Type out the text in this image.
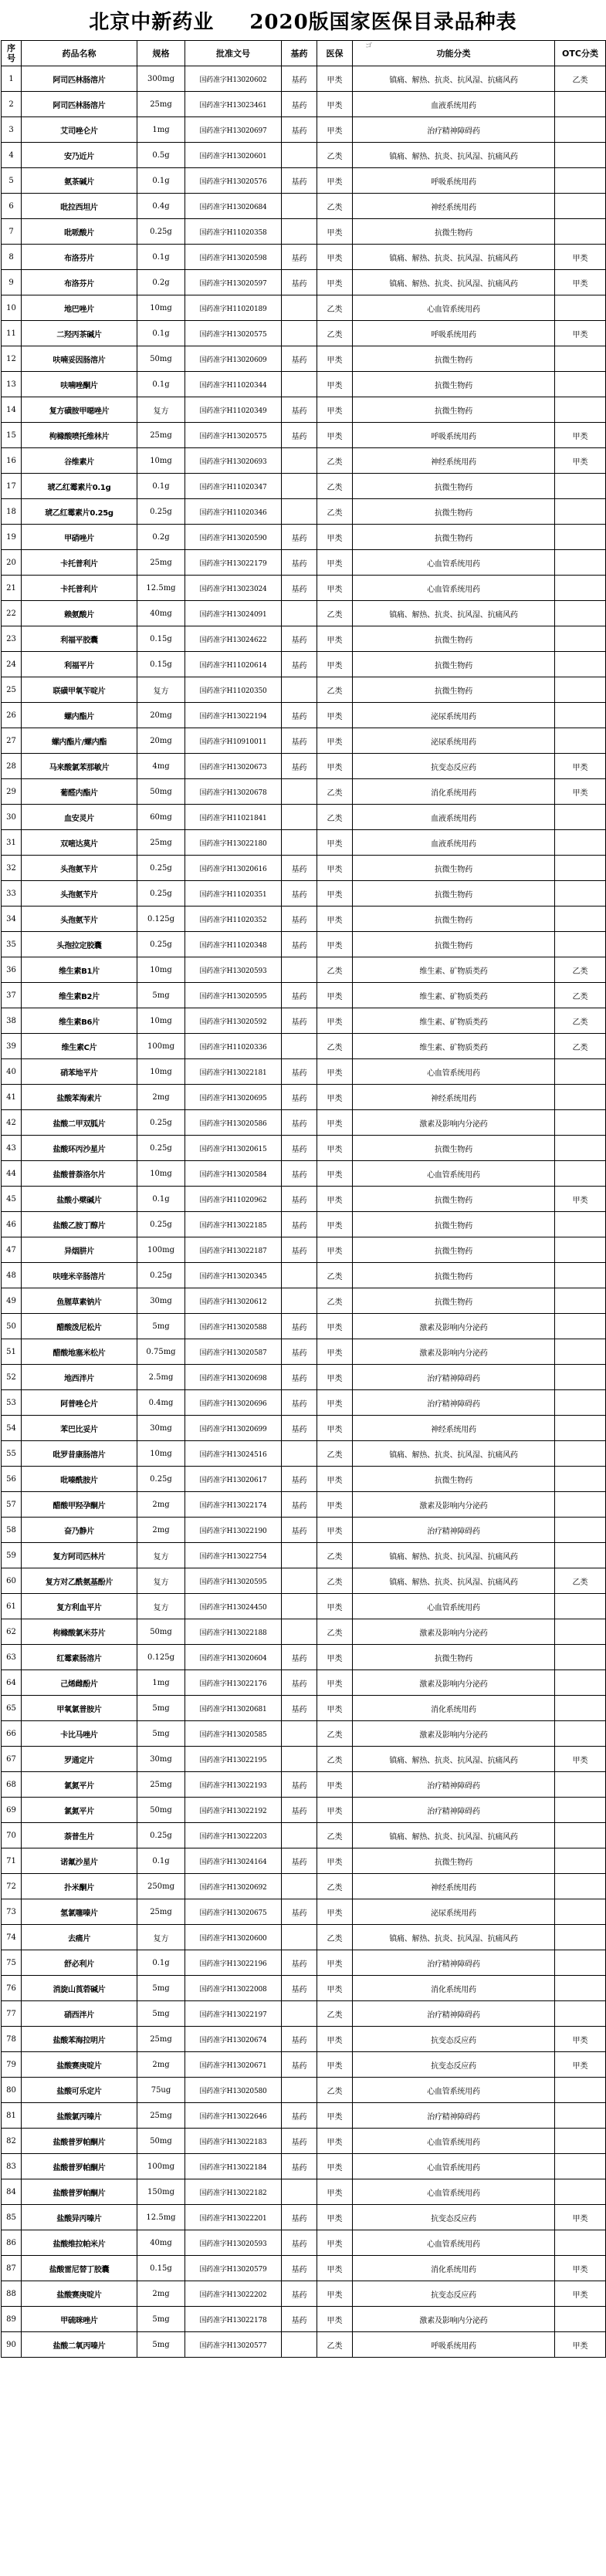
北京中新药业 2020版国家医保目录品种表
ゴ
序号	药品名称	规格	批准文号	基药	医保	功能分类	OTC分类
1	阿司匹林肠溶片	300mg	国药准字H13020602	基药	甲类	镇痛、解热、抗炎、抗风湿、抗痛风药	乙类
2	阿司匹林肠溶片	25mg	国药准字H13023461	基药	甲类	血液系统用药	
3	艾司唑仑片	1mg	国药准字H13020697	基药	甲类	治疗精神障碍药	
4	安乃近片	0.5g	国药准字H13020601		乙类	镇痛、解热、抗炎、抗风湿、抗痛风药	
5	氨茶碱片	0.1g	国药准字H13020576	基药	甲类	呼吸系统用药	
6	吡拉西坦片	0.4g	国药准字H13020684		乙类	神经系统用药	
7	吡哌酸片	0.25g	国药准字H11020358		甲类	抗微生物药	
8	布洛芬片	0.1g	国药准字H13020598	基药	甲类	镇痛、解热、抗炎、抗风湿、抗痛风药	甲类
9	布洛芬片	0.2g	国药准字H13020597	基药	甲类	镇痛、解热、抗炎、抗风湿、抗痛风药	甲类
10	地巴唑片	10mg	国药准字H11020189		乙类	心血管系统用药	
11	二羟丙茶碱片	0.1g	国药准字H13020575		乙类	呼吸系统用药	甲类
12	呋喃妥因肠溶片	50mg	国药准字H13020609	基药	甲类	抗微生物药	
13	呋喃唑酮片	0.1g	国药准字H11020344		甲类	抗微生物药	
14	复方磺胺甲噁唑片	复方	国药准字H11020349	基药	甲类	抗微生物药	
15	枸橼酸喷托维林片	25mg	国药准字H13020575	基药	甲类	呼吸系统用药	甲类
16	谷维素片	10mg	国药准字H13020693		乙类	神经系统用药	甲类
17	琥乙红霉素片0.1g	0.1g	国药准字H11020347		乙类	抗微生物药	
18	琥乙红霉素片0.25g	0.25g	国药准字H11020346		乙类	抗微生物药	
19	甲硝唑片	0.2g	国药准字H13020590	基药	甲类	抗微生物药	
20	卡托普利片	25mg	国药准字H13022179	基药	甲类	心血管系统用药	
21	卡托普利片	12.5mg	国药准字H13023024	基药	甲类	心血管系统用药	
22	赖氨酸片	40mg	国药准字H13024091		乙类	镇痛、解热、抗炎、抗风湿、抗痛风药	
23	利福平胶囊	0.15g	国药准字H13024622	基药	甲类	抗微生物药	
24	利福平片	0.15g	国药准字H11020614	基药	甲类	抗微生物药	
25	联磺甲氧苄啶片	复方	国药准字H11020350		乙类	抗微生物药	
26	螺内酯片	20mg	国药准字H13022194	基药	甲类	泌尿系统用药	
27	螺内酯片/螺内酯	20mg	国药准字H10910011	基药	甲类	泌尿系统用药	
28	马来酸氯苯那敏片	4mg	国药准字H13020673	基药	甲类	抗变态反应药	甲类
29	葡醛内酯片	50mg	国药准字H13020678		乙类	消化系统用药	甲类
30	血安灵片	60mg	国药准字H11021841		乙类	血液系统用药	
31	双嘧达莫片	25mg	国药准字H13022180		甲类	血液系统用药	
32	头孢氨苄片	0.25g	国药准字H13020616	基药	甲类	抗微生物药	
33	头孢氨苄片	0.25g	国药准字H11020351	基药	甲类	抗微生物药	
34	头孢氨苄片	0.125g	国药准字H11020352	基药	甲类	抗微生物药	
35	头孢拉定胶囊	0.25g	国药准字H11020348	基药	甲类	抗微生物药	
36	维生素B1片	10mg	国药准字H13020593		乙类	维生素、矿物质类药	乙类
37	维生素B2片	5mg	国药准字H13020595	基药	甲类	维生素、矿物质类药	乙类
38	维生素B6片	10mg	国药准字H13020592	基药	甲类	维生素、矿物质类药	乙类
39	维生素C片	100mg	国药准字H11020336		乙类	维生素、矿物质类药	乙类
40	硝苯地平片	10mg	国药准字H13022181	基药	甲类	心血管系统用药	
41	盐酸苯海索片	2mg	国药准字H13020695	基药	甲类	神经系统用药	
42	盐酸二甲双胍片	0.25g	国药准字H13020586	基药	甲类	激素及影响内分泌药	
43	盐酸环丙沙星片	0.25g	国药准字H13020615	基药	甲类	抗微生物药	
44	盐酸普萘洛尔片	10mg	国药准字H13020584	基药	甲类	心血管系统用药	
45	盐酸小檗碱片	0.1g	国药准字H11020962	基药	甲类	抗微生物药	甲类
46	盐酸乙胺丁醇片	0.25g	国药准字H13022185	基药	甲类	抗微生物药	
47	异烟肼片	100mg	国药准字H13022187	基药	甲类	抗微生物药	
48	呋喹米辛肠溶片	0.25g	国药准字H13020345		乙类	抗微生物药	
49	鱼腥草素钠片	30mg	国药准字H13020612		乙类	抗微生物药	
50	醋酸泼尼松片	5mg	国药准字H13020588	基药	甲类	激素及影响内分泌药	
51	醋酸地塞米松片	0.75mg	国药准字H13020587	基药	甲类	激素及影响内分泌药	
52	地西泮片	2.5mg	国药准字H13020698	基药	甲类	治疗精神障碍药	
53	阿普唑仑片	0.4mg	国药准字H13020696	基药	甲类	治疗精神障碍药	
54	苯巴比妥片	30mg	国药准字H13020699	基药	甲类	神经系统用药	
55	吡罗昔康肠溶片	10mg	国药准字H13024516		乙类	镇痛、解热、抗炎、抗风湿、抗痛风药	
56	吡嗪酰胺片	0.25g	国药准字H13020617	基药	甲类	抗微生物药	
57	醋酸甲羟孕酮片	2mg	国药准字H13022174	基药	甲类	激素及影响内分泌药	
58	奋乃静片	2mg	国药准字H13022190	基药	甲类	治疗精神障碍药	
59	复方阿司匹林片	复方	国药准字H13022754		乙类	镇痛、解热、抗炎、抗风湿、抗痛风药	
60	复方对乙酰氨基酚片	复方	国药准字H13020595		乙类	镇痛、解热、抗炎、抗风湿、抗痛风药	乙类
61	复方利血平片	复方	国药准字H13024450		甲类	心血管系统用药	
62	枸橼酸氯米芬片	50mg	国药准字H13022188		乙类	激素及影响内分泌药	
63	红霉素肠溶片	0.125g	国药准字H13020604	基药	甲类	抗微生物药	
64	己烯雌酚片	1mg	国药准字H13022176	基药	甲类	激素及影响内分泌药	
65	甲氧氯普胺片	5mg	国药准字H13020681	基药	甲类	消化系统用药	
66	卡比马唑片	5mg	国药准字H13020585		乙类	激素及影响内分泌药	
67	罗通定片	30mg	国药准字H13022195		乙类	镇痛、解热、抗炎、抗风湿、抗痛风药	甲类
68	氯氮平片	25mg	国药准字H13022193	基药	甲类	治疗精神障碍药	
69	氯氮平片	50mg	国药准字H13022192	基药	甲类	治疗精神障碍药	
70	萘普生片	0.25g	国药准字H13022203		乙类	镇痛、解热、抗炎、抗风湿、抗痛风药	
71	诺氟沙星片	0.1g	国药准字H13024164	基药	甲类	抗微生物药	
72	扑米酮片	250mg	国药准字H13020692		乙类	神经系统用药	
73	氢氯噻嗪片	25mg	国药准字H13020675	基药	甲类	泌尿系统用药	
74	去痛片	复方	国药准字H13020600		乙类	镇痛、解热、抗炎、抗风湿、抗痛风药	
75	舒必利片	0.1g	国药准字H13022196	基药	甲类	治疗精神障碍药	
76	消旋山莨菪碱片	5mg	国药准字H13022008	基药	甲类	消化系统用药	
77	硝西泮片	5mg	国药准字H13022197		乙类	治疗精神障碍药	
78	盐酸苯海拉明片	25mg	国药准字H13020674	基药	甲类	抗变态反应药	甲类
79	盐酸赛庚啶片	2mg	国药准字H13020671	基药	甲类	抗变态反应药	甲类
80	盐酸可乐定片	75ug	国药准字H13020580		乙类	心血管系统用药	
81	盐酸氯丙嗪片	25mg	国药准字H13022646	基药	甲类	治疗精神障碍药	
82	盐酸普罗帕酮片	50mg	国药准字H13022183	基药	甲类	心血管系统用药	
83	盐酸普罗帕酮片	100mg	国药准字H13022184	基药	甲类	心血管系统用药	
84	盐酸普罗帕酮片	150mg	国药准字H13022182		甲类	心血管系统用药	
85	盐酸异丙嗪片	12.5mg	国药准字H13022201	基药	甲类	抗变态反应药	甲类
86	盐酸维拉帕米片	40mg	国药准字H13020593	基药	甲类	心血管系统用药	
87	盐酸雷尼替丁胶囊	0.15g	国药准字H13020579	基药	甲类	消化系统用药	甲类
88	盐酸赛庚啶片	2mg	国药准字H13022202	基药	甲类	抗变态反应药	甲类
89	甲硫咪唑片	5mg	国药准字H13022178	基药	甲类	激素及影响内分泌药	
90	盐酸二氧丙嗪片	5mg	国药准字H13020577		乙类	呼吸系统用药	甲类
